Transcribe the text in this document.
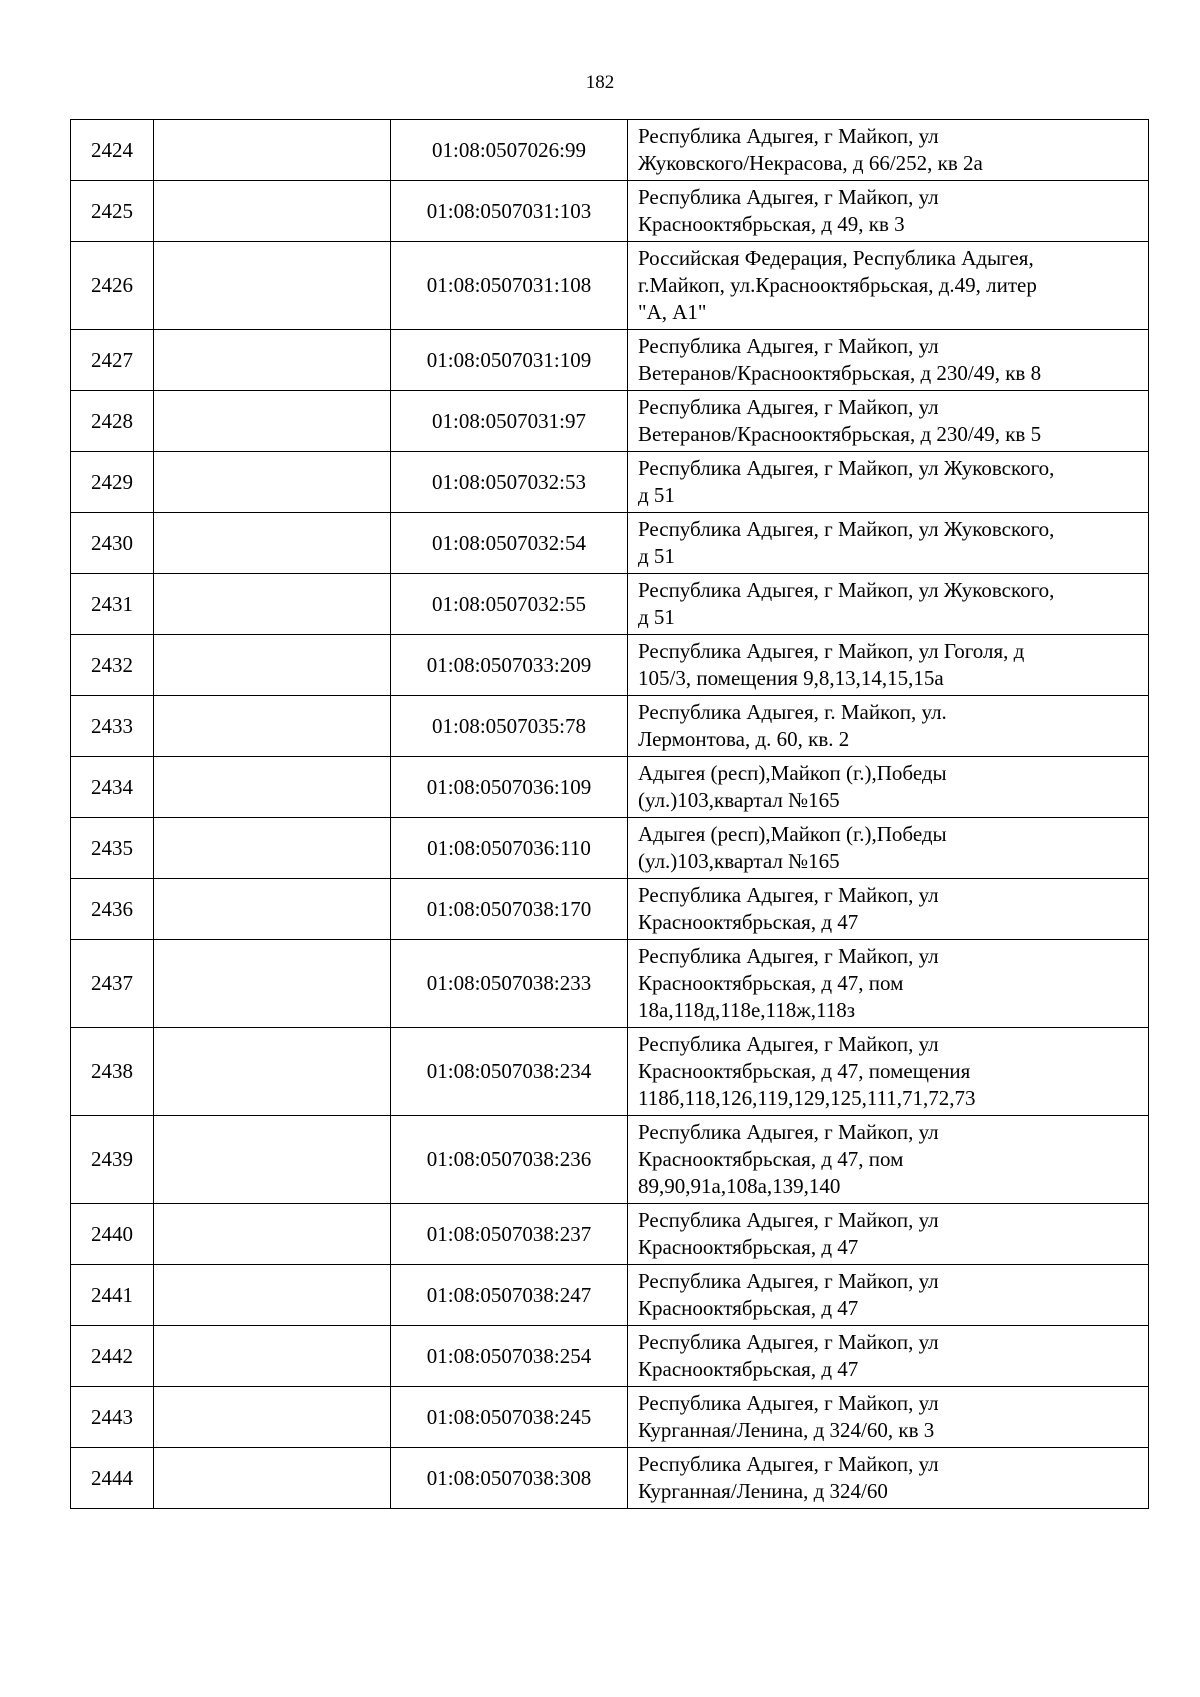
182
2424		01:08:0507026:99	Республика Адыгея, г Майкоп, ул
Жуковского/Некрасова, д 66/252, кв 2а

2425		01:08:0507031:103	Республика Адыгея, г Майкоп, ул
Краснооктябрьская, д 49, кв 3

2426		01:08:0507031:108	Российская Федерация, Республика Адыгея,
г.Майкоп, ул.Краснооктябрьская, д.49, литер
"А, А1"

2427		01:08:0507031:109	Республика Адыгея, г Майкоп, ул
Ветеранов/Краснооктябрьская, д 230/49, кв 8

2428		01:08:0507031:97	Республика Адыгея, г Майкоп, ул
Ветеранов/Краснооктябрьская, д 230/49, кв 5

2429		01:08:0507032:53	Республика Адыгея, г Майкоп, ул Жуковского,
д 51

2430		01:08:0507032:54	Республика Адыгея, г Майкоп, ул Жуковского,
д 51

2431		01:08:0507032:55	Республика Адыгея, г Майкоп, ул Жуковского,
д 51

2432		01:08:0507033:209	Республика Адыгея, г Майкоп, ул Гоголя, д
105/3, помещения 9,8,13,14,15,15а

2433		01:08:0507035:78	Республика Адыгея, г. Майкоп, ул.
Лермонтова, д. 60, кв. 2

2434		01:08:0507036:109	Адыгея (респ),Майкоп (г.),Победы
(ул.)103,квартал №165

2435		01:08:0507036:110	Адыгея (респ),Майкоп (г.),Победы
(ул.)103,квартал №165

2436		01:08:0507038:170	Республика Адыгея, г Майкоп, ул
Краснооктябрьская, д 47

2437		01:08:0507038:233	Республика Адыгея, г Майкоп, ул
Краснооктябрьская, д 47, пом
18а,118д,118е,118ж,118з

2438		01:08:0507038:234	Республика Адыгея, г Майкоп, ул
Краснооктябрьская, д 47, помещения
118б,118,126,119,129,125,111,71,72,73

2439		01:08:0507038:236	Республика Адыгея, г Майкоп, ул
Краснооктябрьская, д 47, пом
89,90,91а,108а,139,140

2440		01:08:0507038:237	Республика Адыгея, г Майкоп, ул
Краснооктябрьская, д 47

2441		01:08:0507038:247	Республика Адыгея, г Майкоп, ул
Краснооктябрьская, д 47

2442		01:08:0507038:254	Республика Адыгея, г Майкоп, ул
Краснооктябрьская, д 47

2443		01:08:0507038:245	Республика Адыгея, г Майкоп, ул
Курганная/Ленина, д 324/60, кв 3

2444		01:08:0507038:308	Республика Адыгея, г Майкоп, ул
Курганная/Ленина, д 324/60
